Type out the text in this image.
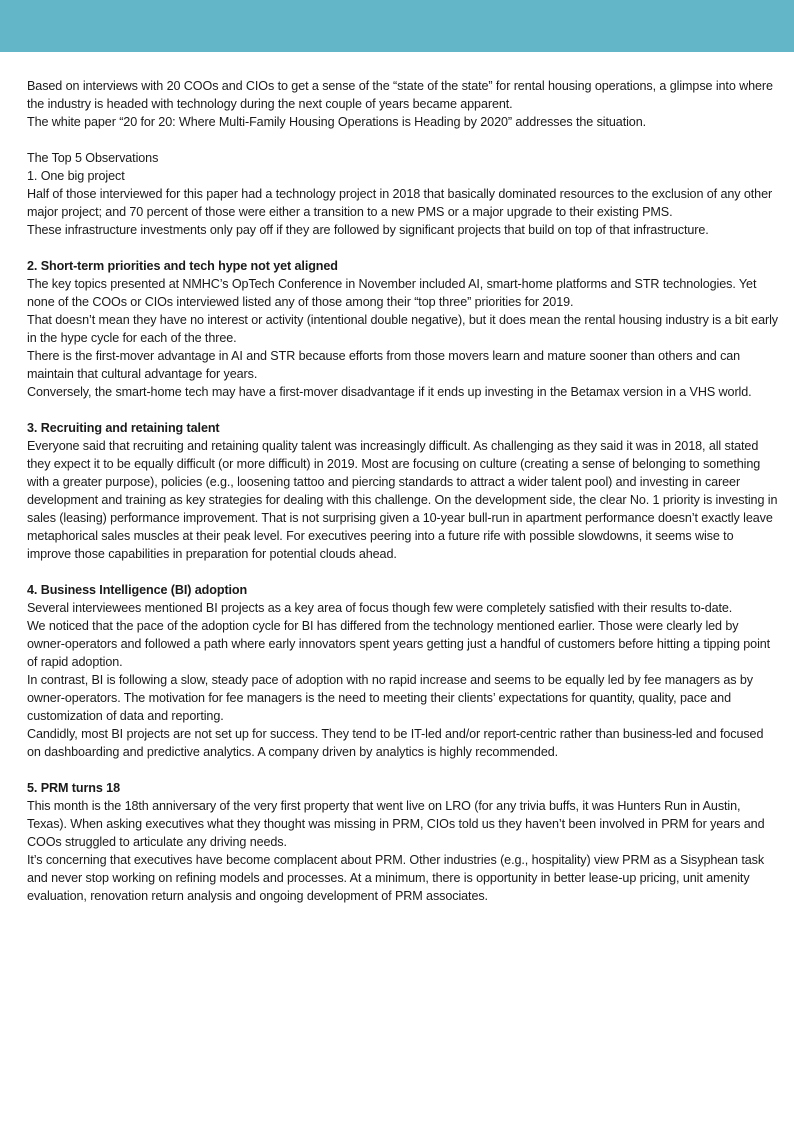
Based on interviews with 20 COOs and CIOs to get a sense of the “state of the state” for rental housing operations, a glimpse into where the industry is headed with technology during the next couple of years became apparent.

The white paper “20 for 20: Where Multi-Family Housing Operations is Heading by 2020” addresses the situation.

The Top 5 Observations

1. One big project

Half of those interviewed for this paper had a technology project in 2018 that basically dominated resources to the exclusion of any other major project; and 70 percent of those were either a transition to a new PMS or a major upgrade to their existing PMS.

These infrastructure investments only pay off if they are followed by significant projects that build on top of that infrastructure.

2. Short-term priorities and tech hype not yet aligned

The key topics presented at NMHC’s OpTech Conference in November included AI, smart-home platforms and STR technologies. Yet none of the COOs or CIOs interviewed listed any of those among their “top three” priorities for 2019.

That doesn’t mean they have no interest or activity (intentional double negative), but it does mean the rental housing industry is a bit early in the hype cycle for each of the three.

There is the first-mover advantage in AI and STR because efforts from those movers learn and mature sooner than others and can maintain that cultural advantage for years.

Conversely, the smart-home tech may have a first-mover disadvantage if it ends up investing in the Betamax version in a VHS world.

3. Recruiting and retaining talent

Everyone said that recruiting and retaining quality talent was increasingly difficult. As challenging as they said it was in 2018, all stated they expect it to be equally difficult (or more difficult) in 2019. Most are focusing on culture (creating a sense of belonging to something with a greater purpose), policies (e.g., loosening tattoo and piercing standards to attract a wider talent pool) and investing in career development and training as key strategies for dealing with this challenge. On the development side, the clear No. 1 priority is investing in sales (leasing) performance improvement. That is not surprising given a 10-year bull-run in apartment performance doesn’t exactly leave metaphorical sales muscles at their peak level. For executives peering into a future rife with possible slowdowns, it seems wise to improve those capabilities in preparation for potential clouds ahead.

4. Business Intelligence (BI) adoption

Several interviewees mentioned BI projects as a key area of focus though few were completely satisfied with their results to-date.

We noticed that the pace of the adoption cycle for BI has differed from the technology mentioned earlier. Those were clearly led by owner-operators and followed a path where early innovators spent years getting just a handful of customers before hitting a tipping point of rapid adoption.

In contrast, BI is following a slow, steady pace of adoption with no rapid increase and seems to be equally led by fee managers as by owner-operators. The motivation for fee managers is the need to meeting their clients’ expectations for quantity, quality, pace and customization of data and reporting.

Candidly, most BI projects are not set up for success. They tend to be IT-led and/or report-centric rather than business-led and focused on dashboarding and predictive analytics. A company driven by analytics is highly recommended.

5. PRM turns 18

This month is the 18th anniversary of the very first property that went live on LRO (for any trivia buffs, it was Hunters Run in Austin, Texas). When asking executives what they thought was missing in PRM, CIOs told us they haven’t been involved in PRM for years and COOs struggled to articulate any driving needs.

It’s concerning that executives have become complacent about PRM. Other industries (e.g., hospitality) view PRM as a Sisyphean task and never stop working on refining models and processes. At a minimum, there is opportunity in better lease-up pricing, unit amenity evaluation, renovation return analysis and ongoing development of PRM associates.
